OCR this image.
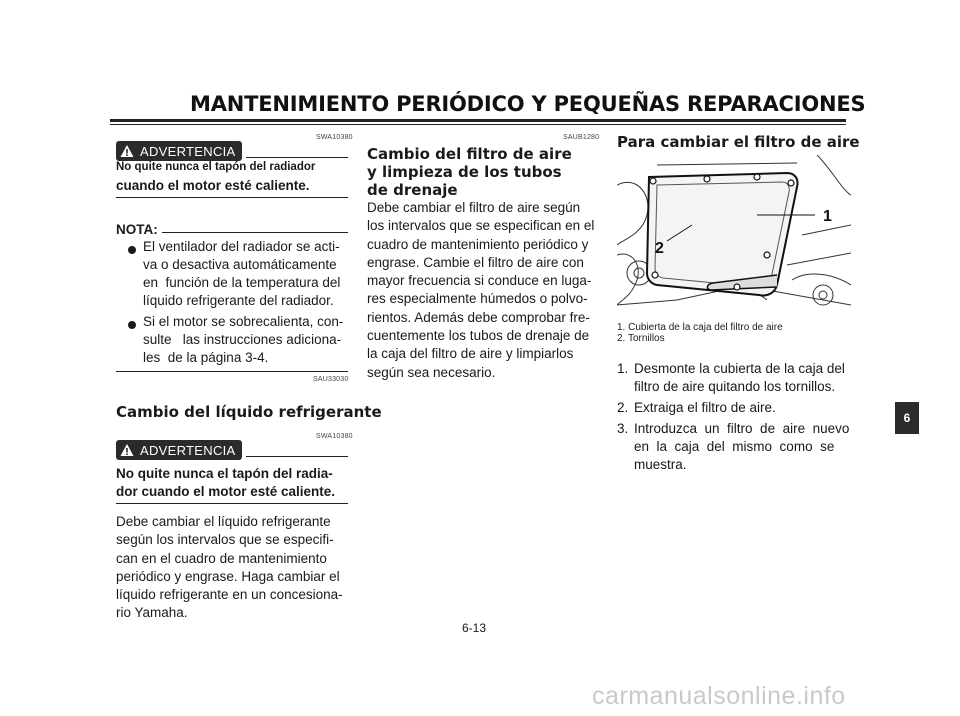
MANTENIMIENTO PERIÓDICO Y PEQUEÑAS REPARACIONES
SWA10380
ADVERTENCIA
No quite nunca el tapón del radiador
cuando el motor esté caliente.
NOTA:
El ventilador del radiador se acti-
va o desactiva automáticamente
en  función de la temperatura del
líquido refrigerante del radiador.
Si el motor se sobrecalienta, con-
sulte   las instrucciones adiciona-
les  de la página 3-4.
SAU33030
Cambio del líquido refrigerante
SWA10380
ADVERTENCIA
No quite nunca el tapón del radia-
dor cuando el motor esté caliente.
Debe cambiar el líquido refrigerante
según los intervalos que se especifi-
can en el cuadro de mantenimiento
periódico y engrase. Haga cambiar el
líquido refrigerante en un concesiona-
rio Yamaha.
SAUB1280
Cambio del filtro de aire
y limpieza de los tubos
de drenaje
Debe cambiar el filtro de aire según
los intervalos que se especifican en el
cuadro de mantenimiento periódico y
engrase. Cambie el filtro de aire con
mayor frecuencia si conduce en luga-
res especialmente húmedos o polvo-
rientos. Además debe comprobar fre-
cuentemente los tubos de drenaje de
la caja del filtro de aire y limpiarlos
según sea necesario.
Para cambiar el filtro de aire
1
2
1. Cubierta de la caja del filtro de aire
2. Tornillos
1. Desmonte la cubierta de la caja del
filtro de aire quitando los tornillos.
2. Extraiga el filtro de aire.
3. Introduzca  un  filtro  de  aire  nuevo
en  la  caja  del  mismo  como  se
muestra.
6
6-13
carmanualsonline.info
